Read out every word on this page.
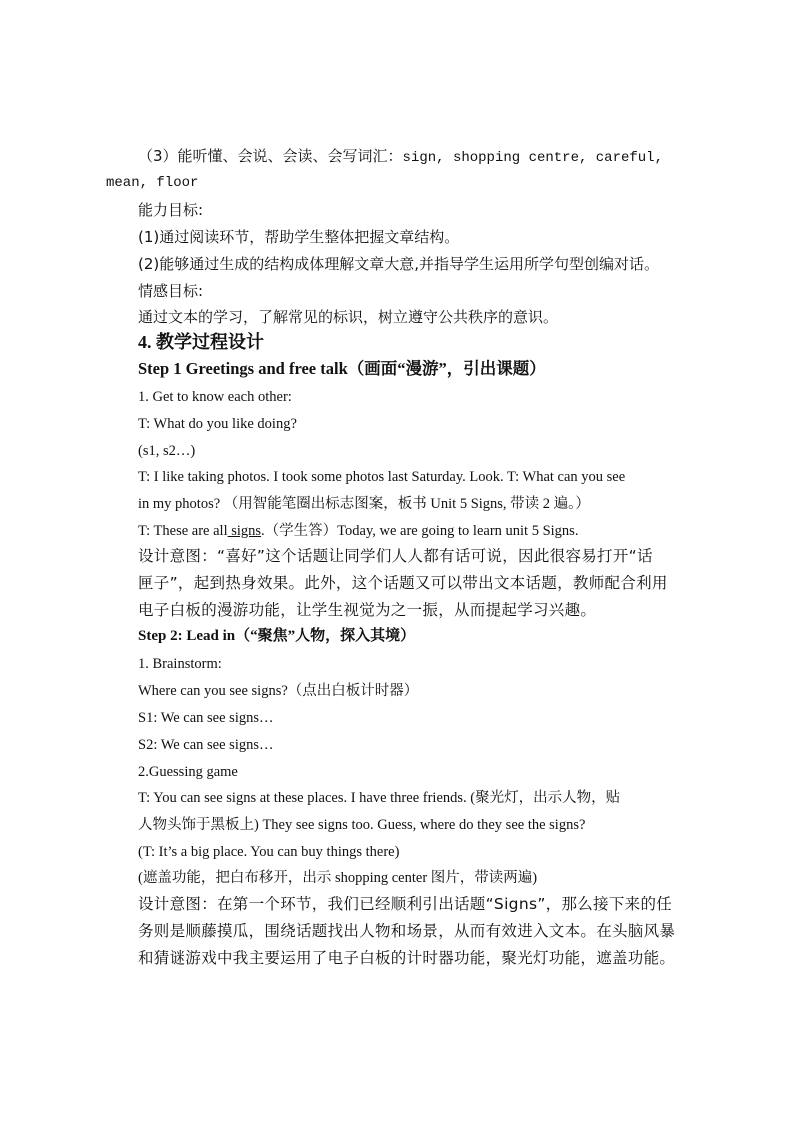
（3）能听懂、会说、会读、会写词汇：sign, shopping centre, careful,
mean, floor
能力目标:
(1)通过阅读环节，帮助学生整体把握文章结构。
(2)能够通过生成的结构成体理解文章大意,并指导学生运用所学句型创编对话。
情感目标:
通过文本的学习，了解常见的标识，树立遵守公共秩序的意识。
4. 教学过程设计
Step 1 Greetings and free talk（画面“漫游”，引出课题）
1. Get to know each other:
T: What do you like doing?
(s1, s2…)
T: I like taking photos. I took some photos last Saturday. Look. T: What can you see
in my photos? （用智能笔圈出标志图案，板书 Unit 5 Signs, 带读 2 遍。）
T: These are all signs.（学生答）Today, we are going to learn unit 5 Signs.
设计意图：“喜好”这个话题让同学们人人都有话可说，因此很容易打开“话
匣子”，起到热身效果。此外，这个话题又可以带出文本话题，教师配合利用
电子白板的漫游功能，让学生视觉为之一振，从而提起学习兴趣。
Step 2: Lead in（“聚焦”人物，探入其境）
1. Brainstorm:
Where can you see signs?（点出白板计时器）
S1: We can see signs…
S2: We can see signs…
2.Guessing game
T: You can see signs at these places. I have three friends. (聚光灯，出示人物，贴
人物头饰于黑板上) They see signs too. Guess, where do they see the signs?
(T: It’s a big place. You can buy things there)
(遮盖功能，把白布移开，出示 shopping center 图片，带读两遍)
设计意图：在第一个环节，我们已经顺利引出话题“Signs”，那么接下来的任
务则是顺藤摸瓜，围绕话题找出人物和场景，从而有效进入文本。在头脑风暴
和猜谜游戏中我主要运用了电子白板的计时器功能，聚光灯功能，遮盖功能。
